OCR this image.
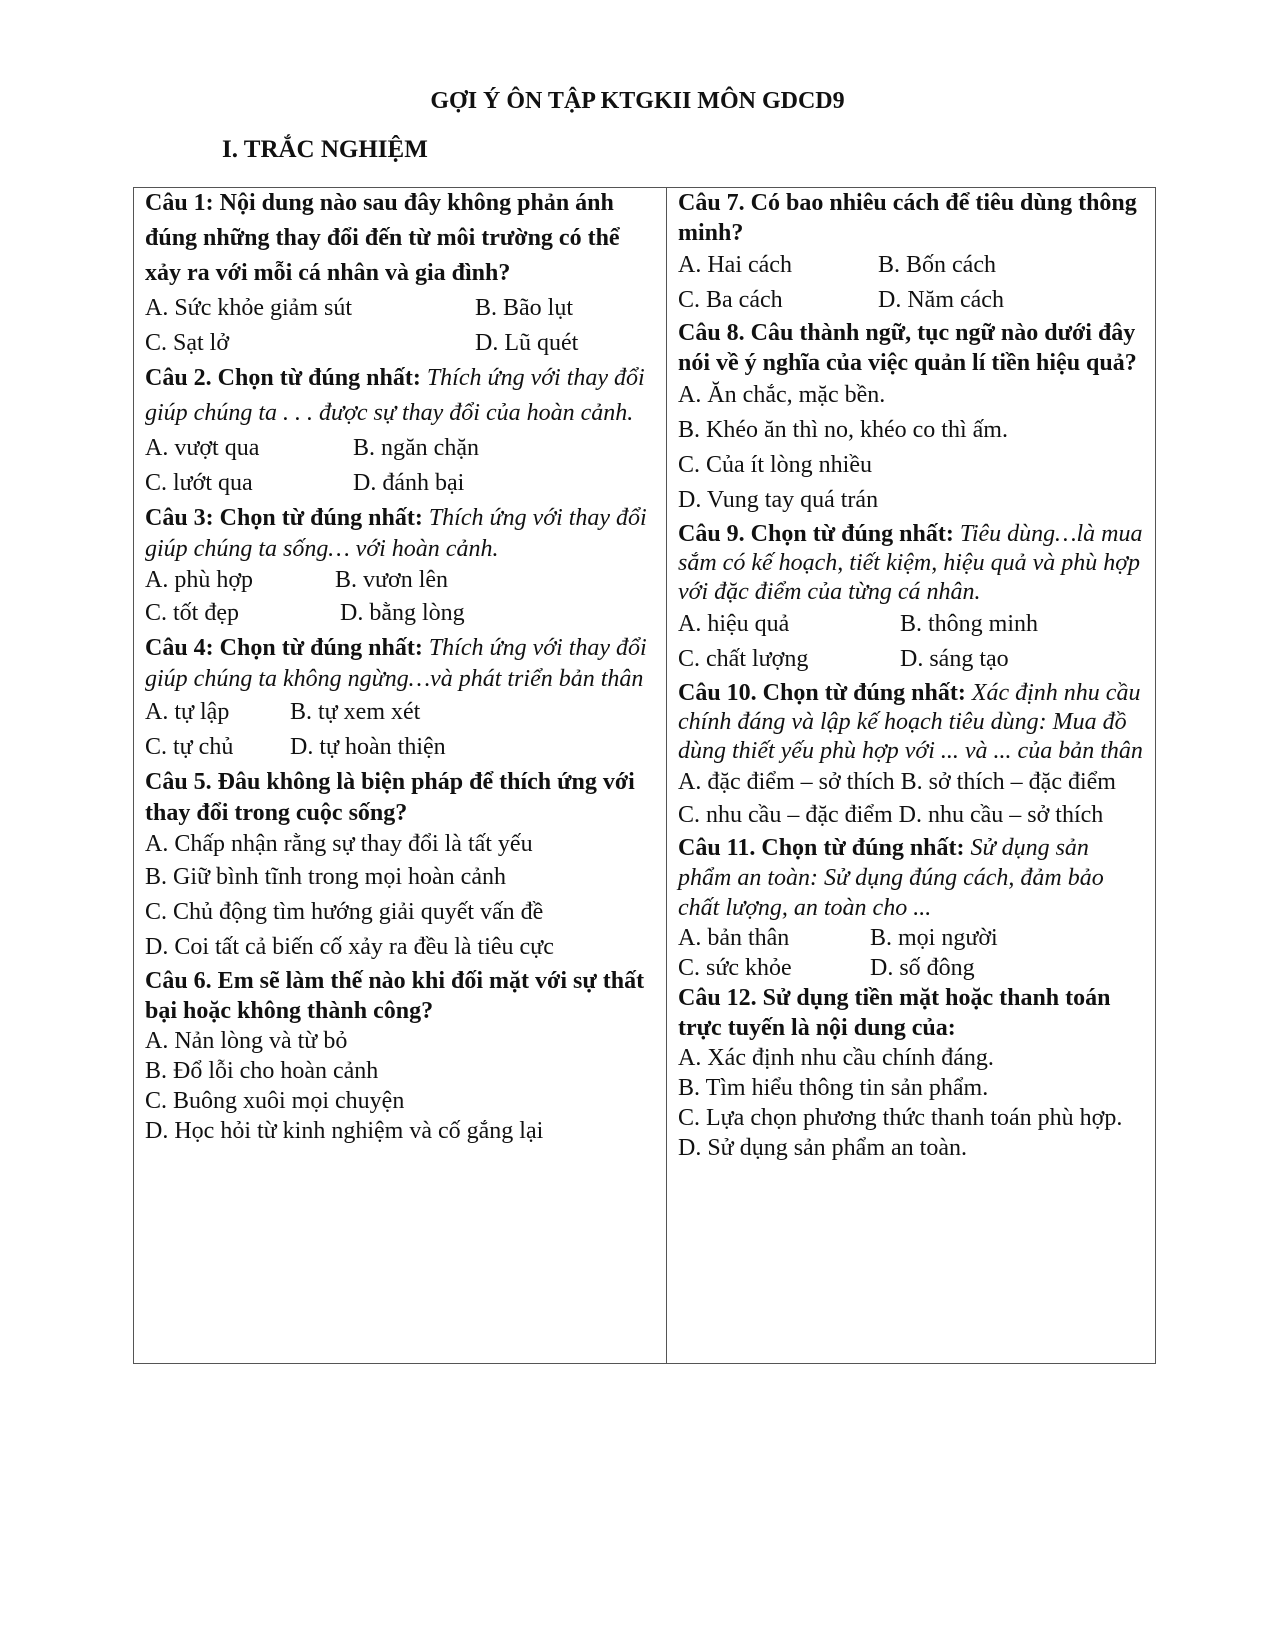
GỢI Ý ÔN TẬP KTGKII MÔN GDCD9
I. TRẮC NGHIỆM

Câu 1: Nội dung nào sau đây không phản ánh đúng những thay đổi đến từ môi trường có thể xảy ra với mỗi cá nhân và gia đình?

A. Sức khỏe giảm sút	B. Bão lụt
C. Sạt lở	D. Lũ quét

Câu 2. Chọn từ đúng nhất: Thích ứng với thay đổi giúp chúng ta . . . được sự thay đổi của hoàn cảnh.

A. vượt qua	B. ngăn chặn
C. lướt qua	D. đánh bại

Câu 3: Chọn từ đúng nhất: Thích ứng với thay đổi giúp chúng ta sống… với hoàn cảnh.

A. phù hợp	B. vươn lên
C. tốt đẹp	D. bằng lòng

Câu 4: Chọn từ đúng nhất: Thích ứng với thay đổi giúp chúng ta không ngừng…và phát triển bản thân

A. tự lập	B. tự xem xét
C. tự chủ	D. tự hoàn thiện

Câu 5. Đâu không là biện pháp để thích ứng với thay đổi trong cuộc sống?

A. Chấp nhận rằng sự thay đổi là tất yếu
B. Giữ bình tĩnh trong mọi hoàn cảnh
C. Chủ động tìm hướng giải quyết vấn đề
D. Coi tất cả biến cố xảy ra đều là tiêu cực

Câu 6. Em sẽ làm thế nào khi đối mặt với sự thất bại hoặc không thành công?

A. Nản lòng và từ bỏ
B. Đổ lỗi cho hoàn cảnh
C. Buông xuôi mọi chuyện
D. Học hỏi từ kinh nghiệm và cố gắng lại

Câu 7. Có bao nhiêu cách để tiêu dùng thông minh?

A. Hai cách	B. Bốn cách
C. Ba cách	D. Năm cách

Câu 8. Câu thành ngữ, tục ngữ nào dưới đây nói về ý nghĩa của việc quản lí tiền hiệu quả?

A. Ăn chắc, mặc bền.
B. Khéo ăn thì no, khéo co thì ấm.
C. Của ít lòng nhiều
D. Vung tay quá trán

Câu 9. Chọn từ đúng nhất: Tiêu dùng…là mua sắm có kế hoạch, tiết kiệm, hiệu quả và phù hợp với đặc điểm của từng cá nhân.

A. hiệu quả	B. thông minh
C. chất lượng	D. sáng tạo

Câu 10. Chọn từ đúng nhất: Xác định nhu cầu chính đáng và lập kế hoạch tiêu dùng: Mua đồ dùng thiết yếu phù hợp với ... và ... của bản thân

A. đặc điểm – sở thích B. sở thích – đặc điểm
C. nhu cầu – đặc điểm D. nhu cầu – sở thích

Câu 11. Chọn từ đúng nhất: Sử dụng sản phẩm an toàn: Sử dụng đúng cách, đảm bảo chất lượng, an toàn cho ...

A. bản thân	B. mọi người
C. sức khỏe	D. số đông

Câu 12. Sử dụng tiền mặt hoặc thanh toán trực tuyến là nội dung của:

A. Xác định nhu cầu chính đáng.
B. Tìm hiểu thông tin sản phẩm.
C. Lựa chọn phương thức thanh toán phù hợp.
D. Sử dụng sản phẩm an toàn.
